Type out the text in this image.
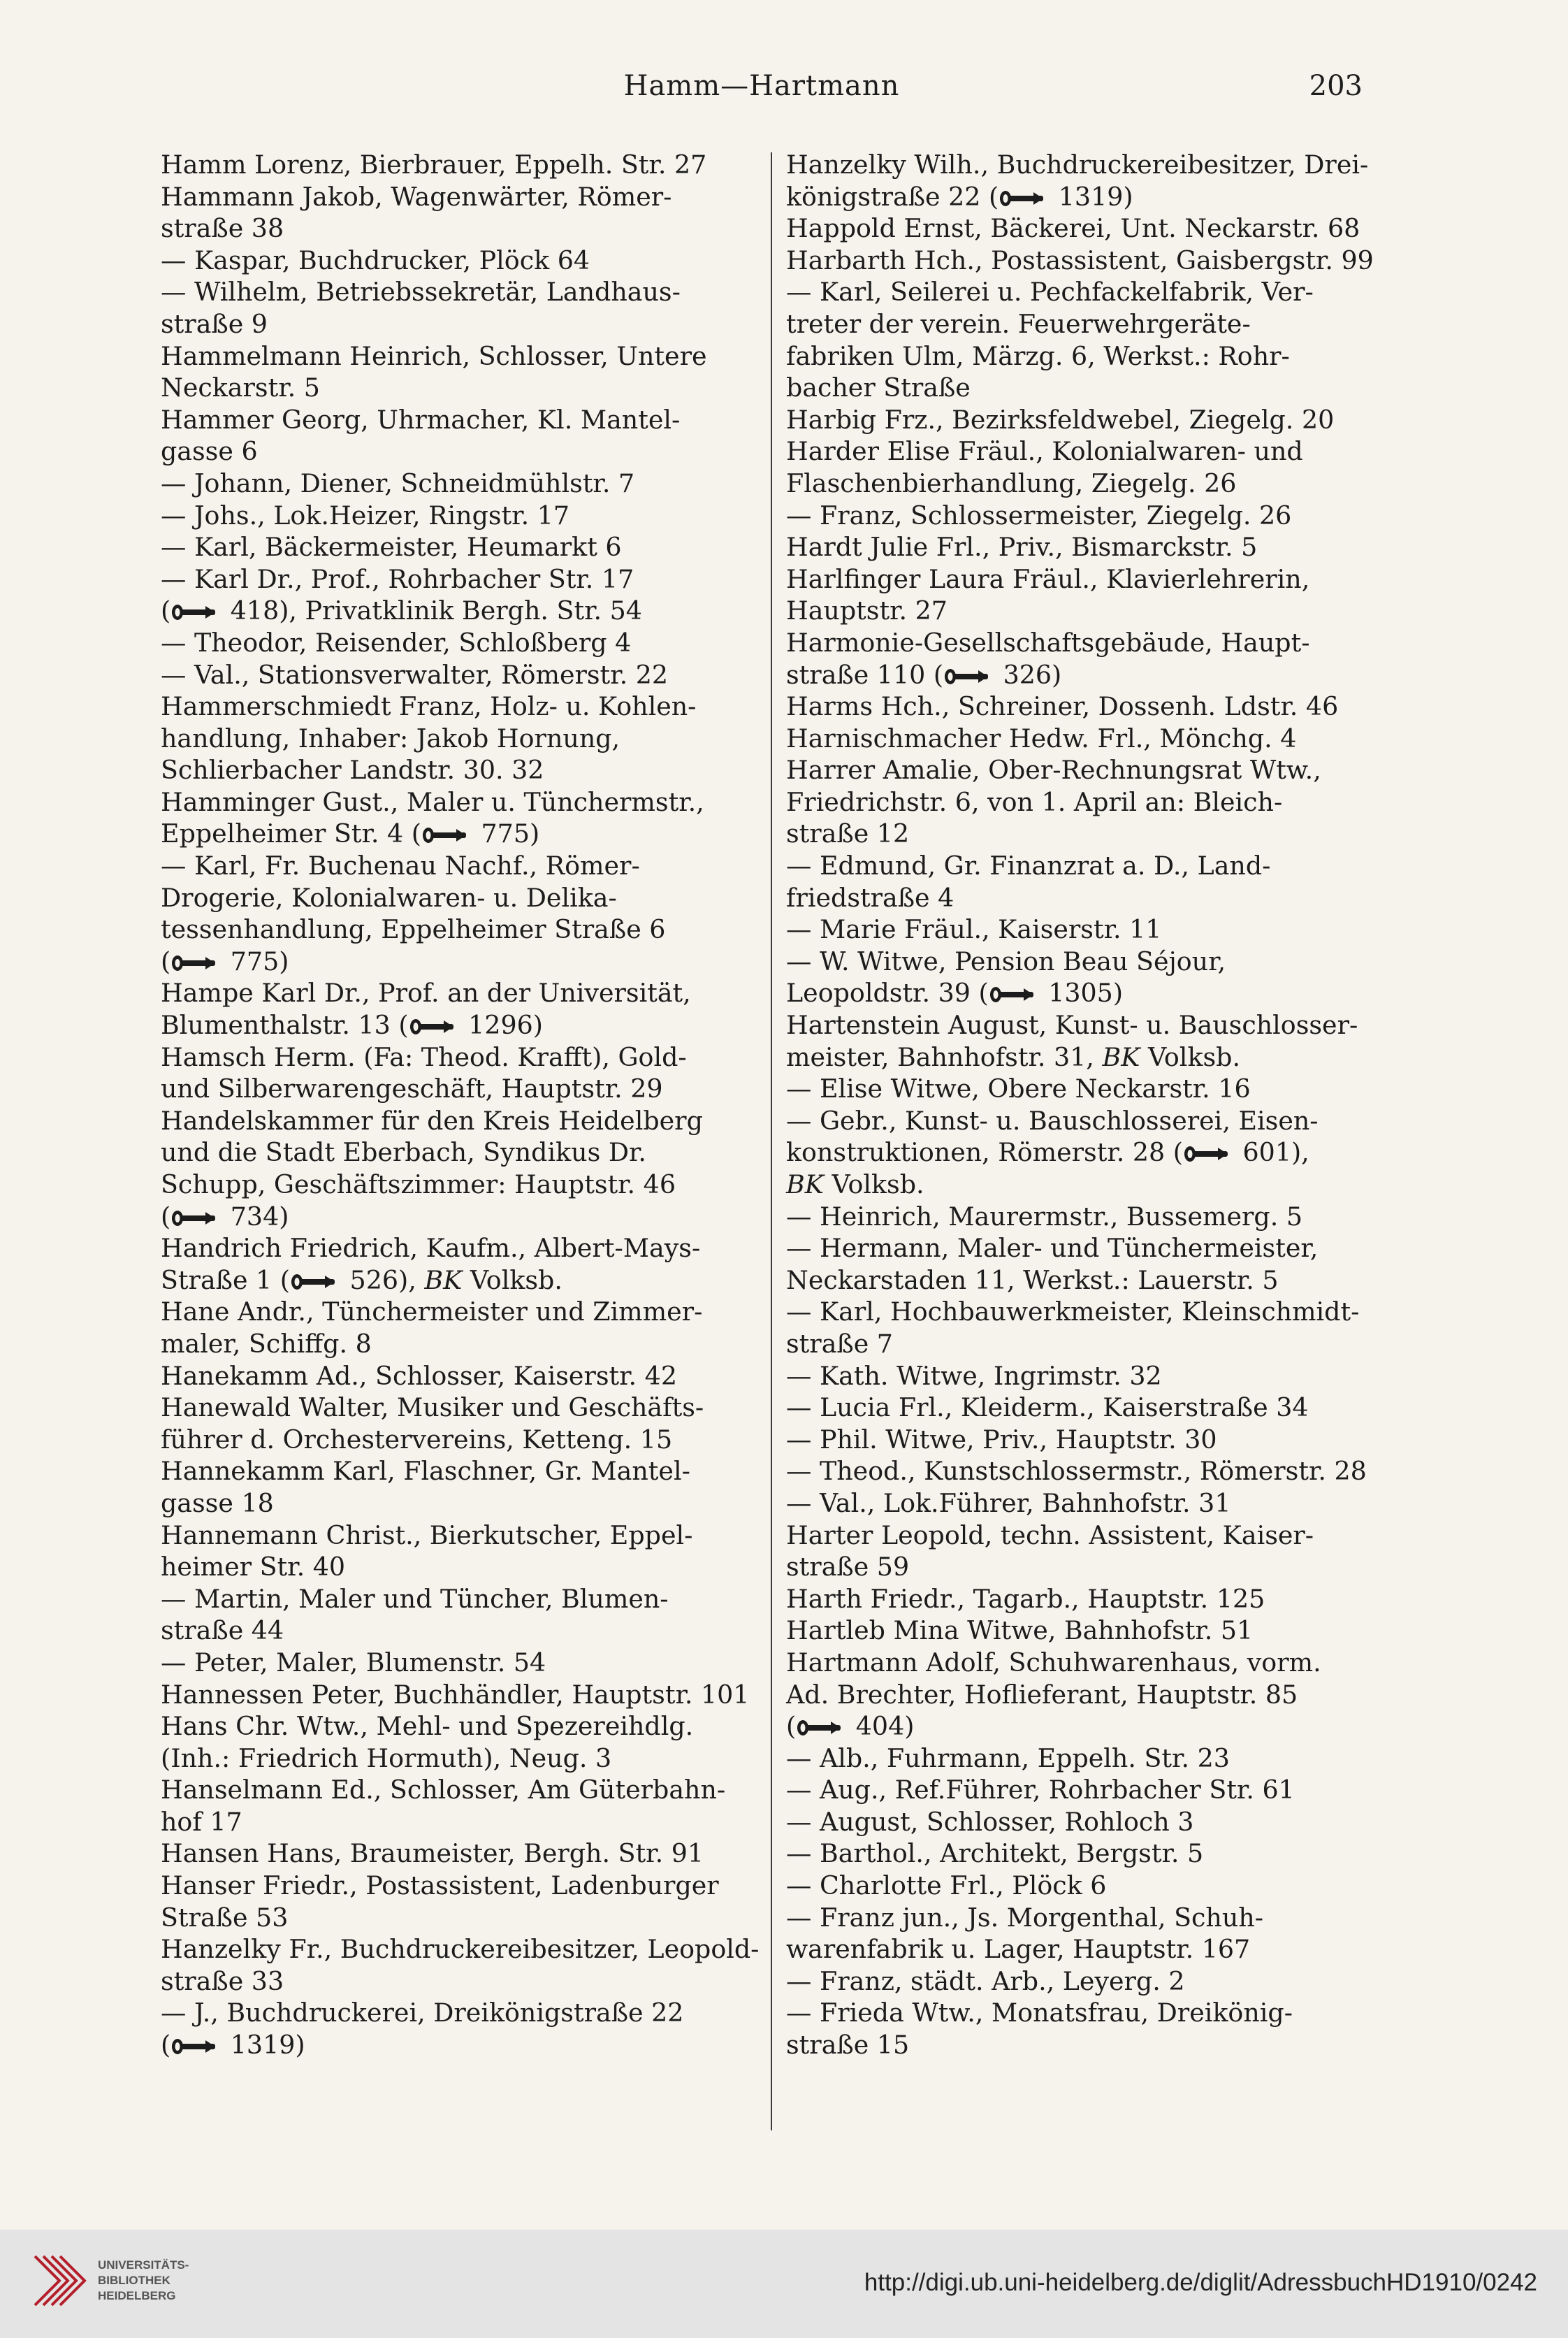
Hamm—Hartmann	203

Hamm Lorenz, Bierbrauer, Eppelh. Str. 27

Hammann Jakob, Wagenwärter, Römer-
straße 38

— Kaspar, Buchdrucker, Plöck 64

— Wilhelm, Betriebssekretär, Landhaus-
straße 9

Hammelmann Heinrich, Schlosser, Untere
Neckarstr. 5

Hammer Georg, Uhrmacher, Kl. Mantel-
gasse 6

— Johann, Diener, Schneidmühlstr. 7

— Johs., Lok.Heizer, Ringstr. 17

— Karl, Bäckermeister, Heumarkt 6

— Karl Dr., Prof., Rohrbacher Str. 17
(
418), Privatklinik Bergh. Str. 54

— Theodor, Reisender, Schloßberg 4

— Val., Stationsverwalter, Römerstr. 22

Hammerschmiedt Franz, Holz- u. Kohlen-
handlung, Inhaber: Jakob Hornung,
Schlierbacher Landstr. 30. 32

Hamminger Gust., Maler u. Tünchermstr.,
Eppelheimer Str. 4 (
775)

— Karl, Fr. Buchenau Nachf., Römer-
Drogerie, Kolonialwaren- u. Delika-
tessenhandlung, Eppelheimer Straße 6
(
775)

Hampe Karl Dr., Prof. an der Universität,
Blumenthalstr. 13 (
1296)

Hamsch Herm. (Fa: Theod. Krafft), Gold-
und Silberwarengeschäft, Hauptstr. 29

Handelskammer für den Kreis Heidelberg
und die Stadt Eberbach, Syndikus Dr.
Schupp, Geschäftszimmer: Hauptstr. 46
(
734)

Handrich Friedrich, Kaufm., Albert-Mays-
Straße 1 (
526), BK Volksb.

Hane Andr., Tünchermeister und Zimmer-
maler, Schiffg. 8

Hanekamm Ad., Schlosser, Kaiserstr. 42

Hanewald Walter, Musiker und Geschäfts-
führer d. Orchestervereins, Ketteng. 15

Hannekamm Karl, Flaschner, Gr. Mantel-
gasse 18

Hannemann Christ., Bierkutscher, Eppel-
heimer Str. 40

— Martin, Maler und Tüncher, Blumen-
straße 44

— Peter, Maler, Blumenstr. 54

Hannessen Peter, Buchhändler, Hauptstr. 101

Hans Chr. Wtw., Mehl- und Spezereihdlg.
(Inh.: Friedrich Hormuth), Neug. 3

Hanselmann Ed., Schlosser, Am Güterbahn-
hof 17

Hansen Hans, Braumeister, Bergh. Str. 91

Hanser Friedr., Postassistent, Ladenburger
Straße 53

Hanzelky Fr., Buchdruckereibesitzer, Leopold-
straße 33

— J., Buchdruckerei, Dreikönigstraße 22
(
1319)

Hanzelky Wilh., Buchdruckereibesitzer, Drei-
königstraße 22 (
1319)

Happold Ernst, Bäckerei, Unt. Neckarstr. 68

Harbarth Hch., Postassistent, Gaisbergstr. 99

— Karl, Seilerei u. Pechfackelfabrik, Ver-
treter der verein. Feuerwehrgeräte-
fabriken Ulm, Märzg. 6, Werkst.: Rohr-
bacher Straße

Harbig Frz., Bezirksfeldwebel, Ziegelg. 20

Harder Elise Fräul., Kolonialwaren- und
Flaschenbierhandlung, Ziegelg. 26

— Franz, Schlossermeister, Ziegelg. 26

Hardt Julie Frl., Priv., Bismarckstr. 5

Harlfinger Laura Fräul., Klavierlehrerin,
Hauptstr. 27

Harmonie-Gesellschaftsgebäude, Haupt-
straße 110 (
326)

Harms Hch., Schreiner, Dossenh. Ldstr. 46

Harnischmacher Hedw. Frl., Mönchg. 4

Harrer Amalie, Ober-Rechnungsrat Wtw.,
Friedrichstr. 6, von 1. April an: Bleich-
straße 12

— Edmund, Gr. Finanzrat a. D., Land-
friedstraße 4

— Marie Fräul., Kaiserstr. 11

— W. Witwe, Pension Beau Séjour,
Leopoldstr. 39 (
1305)

Hartenstein August, Kunst- u. Bauschlosser-
meister, Bahnhofstr. 31, BK Volksb.

— Elise Witwe, Obere Neckarstr. 16

— Gebr., Kunst- u. Bauschlosserei, Eisen-
konstruktionen, Römerstr. 28 (
601),
BK Volksb.

— Heinrich, Maurermstr., Bussemerg. 5

— Hermann, Maler- und Tünchermeister,
Neckarstaden 11, Werkst.: Lauerstr. 5

— Karl, Hochbauwerkmeister, Kleinschmidt-
straße 7

— Kath. Witwe, Ingrimstr. 32

— Lucia Frl., Kleiderm., Kaiserstraße 34

— Phil. Witwe, Priv., Hauptstr. 30

— Theod., Kunstschlossermstr., Römerstr. 28

— Val., Lok.Führer, Bahnhofstr. 31

Harter Leopold, techn. Assistent, Kaiser-
straße 59

Harth Friedr., Tagarb., Hauptstr. 125

Hartleb Mina Witwe, Bahnhofstr. 51

Hartmann Adolf, Schuhwarenhaus, vorm.
Ad. Brechter, Hoflieferant, Hauptstr. 85
(
404)

— Alb., Fuhrmann, Eppelh. Str. 23

— Aug., Ref.Führer, Rohrbacher Str. 61

— August, Schlosser, Rohloch 3

— Barthol., Architekt, Bergstr. 5

— Charlotte Frl., Plöck 6

— Franz jun., Js. Morgenthal, Schuh-
warenfabrik u. Lager, Hauptstr. 167

— Franz, städt. Arb., Leyerg. 2

— Frieda Wtw., Monatsfrau, Dreikönig-
straße 15

UNIVERSITÄTS-
BIBLIOTHEK
HEIDELBERG	http://digi.ub.uni-heidelberg.de/diglit/AdressbuchHD1910/0242
